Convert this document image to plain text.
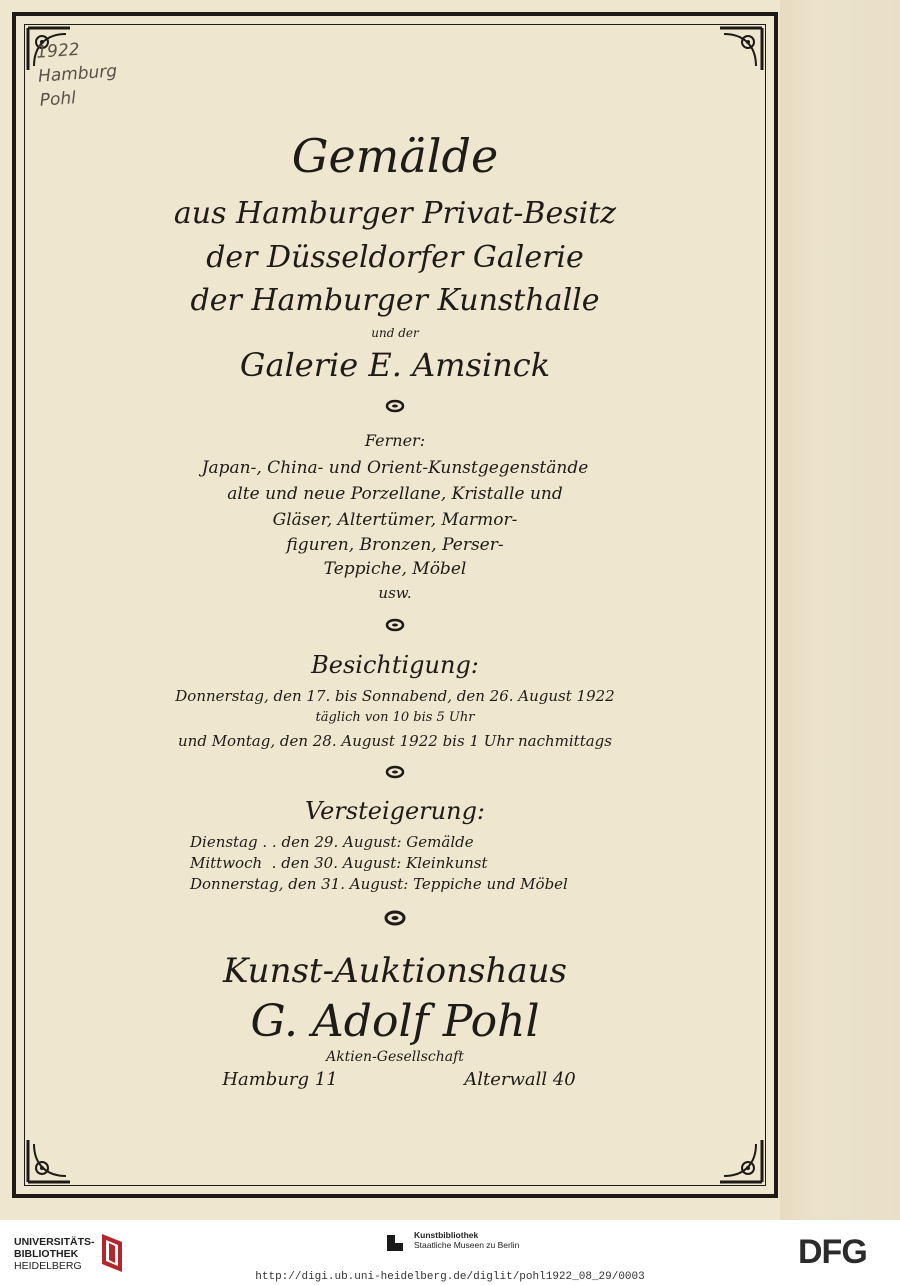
1922
Hamburg
Pohl
Gemälde
aus Hamburger Privat-Besitz
der Düsseldorfer Galerie
der Hamburger Kunsthalle
und der
Galerie E. Amsinck
Ferner:
Japan-, China- und Orient-Kunstgegenstände
alte und neue Porzellane, Kristalle und
Gläser, Altertümer, Marmor-
figuren, Bronzen, Perser-
Teppiche, Möbel
usw.
Besichtigung:
Donnerstag, den 17. bis Sonnabend, den 26. August 1922
täglich von 10 bis 5 Uhr
und Montag, den 28. August 1922 bis 1 Uhr nachmittags
Versteigerung:
Dienstag . . den 29. August: Gemälde
Mittwoch  . den 30. August: Kleinkunst
Donnerstag, den 31. August: Teppiche und Möbel
Kunst-Auktionshaus
G. Adolf Pohl
Aktien-Gesellschaft
Hamburg 11	Alterwall 40
UNIVERSITÄTS-
BIBLIOTHEK
HEIDELBERG
Kunstbibliothek
Staatliche Museen zu Berlin	DFG
http://digi.ub.uni-heidelberg.de/diglit/pohl1922_08_29/0003
